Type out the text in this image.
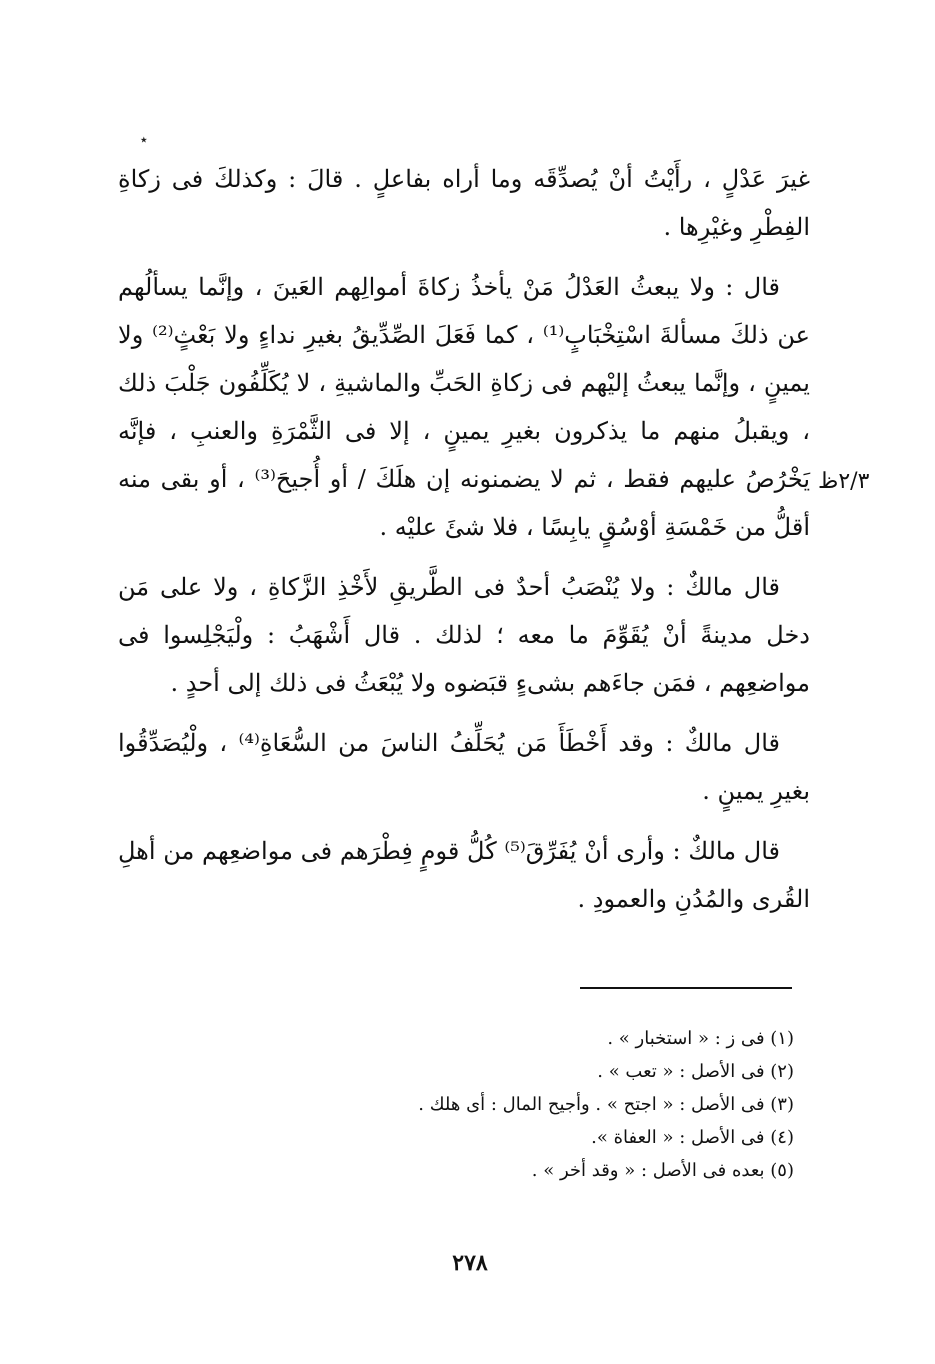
٭
٢/٣ظ

غيرَ عَدْلٍ ، رأَيْتُ أنْ يُصدِّقَه وما أراه بفاعلٍ . قالَ : وكذلكَ فى زكاةِ الفِطْرِ وغيْرِها .

قال : ولا يبعثُ العَدْلُ مَنْ يأخذُ زكاةَ أموالِهم العَينَ ، وإنَّما يسألُهم عن ذلكَ مسألةَ اسْتِخْبَابٍ⁽¹⁾ ، كما فَعَلَ الصِّدِّيقُ بغيرِ نداءٍ ولا بَعْثٍ⁽²⁾ ولا يمينٍ ، وإنَّما يبعثُ إليْهم فى زكاةِ الحَبِّ والماشيةِ ، لا يُكَلِّفُون جَلْبَ ذلك ، ويقبلُ منهم ما يذكرون بغيرِ يمينٍ ، إلا فى الثَّمْرَةِ والعنبِ ، فإنَّه يَخْرُصُ عليهم فقط ، ثم لا يضمنونه إن هلَكَ / أو أُجيحَ⁽³⁾ ، أو بقى منه أقلُّ من خَمْسَةِ أوْسُقٍ يابِسًا ، فلا شئَ عليْه .

قال مالكٌ : ولا يُنْصَبُ أحدٌ فى الطَّريقِ لأَخْذِ الزَّكاةِ ، ولا على مَن دخل مدينةً أنْ يُقَوِّمَ ما معه ؛ لذلك . قال أَشْهَبُ : ولْيَجْلِسوا فى مواضعِهم ، فمَن جاءَهم بشىءٍ قبَضوه ولا يُبْعَثُ فى ذلك إلى أحدٍ .

قال مالكٌ : وقد أَخْطَأَ مَن يُحَلِّفُ الناسَ من السُّعَاةِ⁽⁴⁾ ، ولْيُصَدِّقُوا بغيرِ يمينٍ .

قال مالكٌ : وأرى أنْ يُفَرِّقَ⁽⁵⁾ كُلُّ قومٍ فِطْرَهم فى مواضعِهم من أهلِ القُرى والمُدُنِ والعمودِ .

(١) فى ز : « استخبار » .
(٢) فى الأصل : « تعب » .
(٣) فى الأصل : « اجتح » . وأجيح المال : أى هلك .
(٤) فى الأصل : « العفاة ».
(٥) بعده فى الأصل : « وقد أخر » .
٢٧٨
